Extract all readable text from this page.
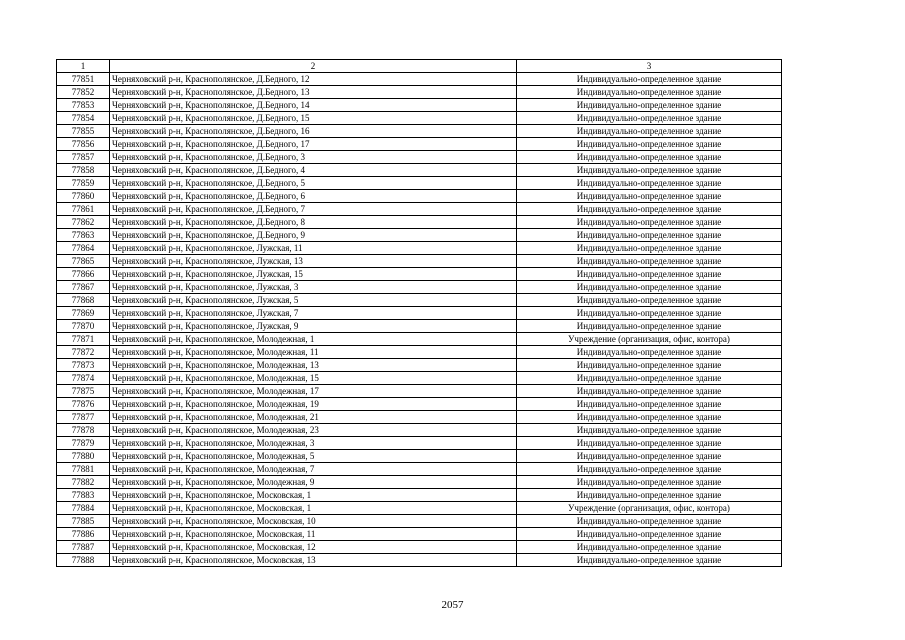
1	2	3
77851	Черняховский р-н, Краснополянское, Д.Бедного, 12	Индивидуально-определенное здание
77852	Черняховский р-н, Краснополянское, Д.Бедного, 13	Индивидуально-определенное здание
77853	Черняховский р-н, Краснополянское, Д.Бедного, 14	Индивидуально-определенное здание
77854	Черняховский р-н, Краснополянское, Д.Бедного, 15	Индивидуально-определенное здание
77855	Черняховский р-н, Краснополянское, Д.Бедного, 16	Индивидуально-определенное здание
77856	Черняховский р-н, Краснополянское, Д.Бедного, 17	Индивидуально-определенное здание
77857	Черняховский р-н, Краснополянское, Д.Бедного, 3	Индивидуально-определенное здание
77858	Черняховский р-н, Краснополянское, Д.Бедного, 4	Индивидуально-определенное здание
77859	Черняховский р-н, Краснополянское, Д.Бедного, 5	Индивидуально-определенное здание
77860	Черняховский р-н, Краснополянское, Д.Бедного, 6	Индивидуально-определенное здание
77861	Черняховский р-н, Краснополянское, Д.Бедного, 7	Индивидуально-определенное здание
77862	Черняховский р-н, Краснополянское, Д.Бедного, 8	Индивидуально-определенное здание
77863	Черняховский р-н, Краснополянское, Д.Бедного, 9	Индивидуально-определенное здание
77864	Черняховский р-н, Краснополянское, Лужская, 11	Индивидуально-определенное здание
77865	Черняховский р-н, Краснополянское, Лужская, 13	Индивидуально-определенное здание
77866	Черняховский р-н, Краснополянское, Лужская, 15	Индивидуально-определенное здание
77867	Черняховский р-н, Краснополянское, Лужская, 3	Индивидуально-определенное здание
77868	Черняховский р-н, Краснополянское, Лужская, 5	Индивидуально-определенное здание
77869	Черняховский р-н, Краснополянское, Лужская, 7	Индивидуально-определенное здание
77870	Черняховский р-н, Краснополянское, Лужская, 9	Индивидуально-определенное здание
77871	Черняховский р-н, Краснополянское, Молодежная, 1	Учреждение (организация, офис, контора)
77872	Черняховский р-н, Краснополянское, Молодежная, 11	Индивидуально-определенное здание
77873	Черняховский р-н, Краснополянское, Молодежная, 13	Индивидуально-определенное здание
77874	Черняховский р-н, Краснополянское, Молодежная, 15	Индивидуально-определенное здание
77875	Черняховский р-н, Краснополянское, Молодежная, 17	Индивидуально-определенное здание
77876	Черняховский р-н, Краснополянское, Молодежная, 19	Индивидуально-определенное здание
77877	Черняховский р-н, Краснополянское, Молодежная, 21	Индивидуально-определенное здание
77878	Черняховский р-н, Краснополянское, Молодежная, 23	Индивидуально-определенное здание
77879	Черняховский р-н, Краснополянское, Молодежная, 3	Индивидуально-определенное здание
77880	Черняховский р-н, Краснополянское, Молодежная, 5	Индивидуально-определенное здание
77881	Черняховский р-н, Краснополянское, Молодежная, 7	Индивидуально-определенное здание
77882	Черняховский р-н, Краснополянское, Молодежная, 9	Индивидуально-определенное здание
77883	Черняховский р-н, Краснополянское, Московская, 1	Индивидуально-определенное здание
77884	Черняховский р-н, Краснополянское, Московская, 1	Учреждение (организация, офис, контора)
77885	Черняховский р-н, Краснополянское, Московская, 10	Индивидуально-определенное здание
77886	Черняховский р-н, Краснополянское, Московская, 11	Индивидуально-определенное здание
77887	Черняховский р-н, Краснополянское, Московская, 12	Индивидуально-определенное здание
77888	Черняховский р-н, Краснополянское, Московская, 13	Индивидуально-определенное здание
2057
